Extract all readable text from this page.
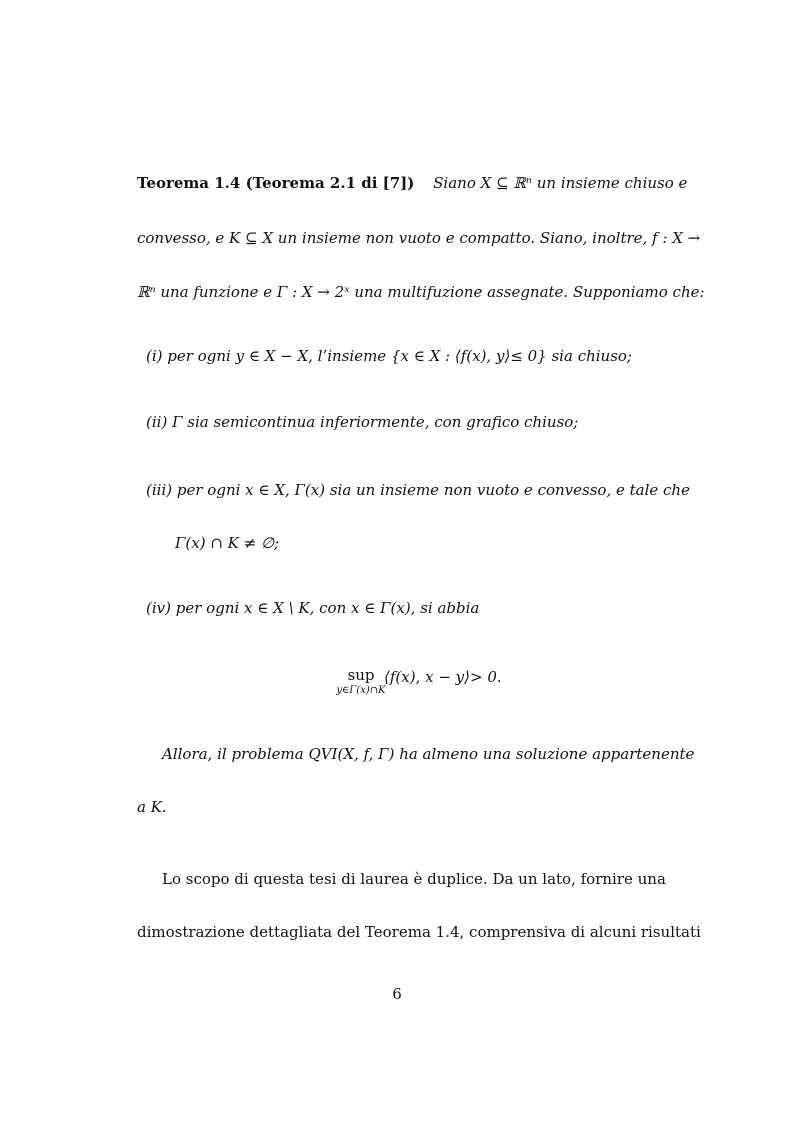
Teorema 1.4 (Teorema 2.1 di [7]) Siano X ⊆ ℝⁿ un insieme chiuso e
convesso, e K ⊆ X un insieme non vuoto e compatto. Siano, inoltre, f : X →
ℝⁿ una funzione e Γ : X → 2ˣ una multifuzione assegnate. Supponiamo che:
(i) per ogni y ∈ X − X, l’insieme {x ∈ X : ⟨f(x), y⟩≤ 0} sia chiuso;
(ii) Γ sia semicontinua inferiormente, con grafico chiuso;
(iii) per ogni x ∈ X, Γ(x) sia un insieme non vuoto e convesso, e tale che
Γ(x) ∩ K ≠ ∅;
(iv) per ogni x ∈ X \ K, con x ∈ Γ(x), si abbia
sup
y∈Γ(x)∩K
⟨f(x), x − y⟩> 0.
Allora, il problema QVI(X, f, Γ) ha almeno una soluzione appartenente
a K.
Lo scopo di questa tesi di laurea è duplice. Da un lato, fornire una
dimostrazione dettagliata del Teorema 1.4, comprensiva di alcuni risultati
6
